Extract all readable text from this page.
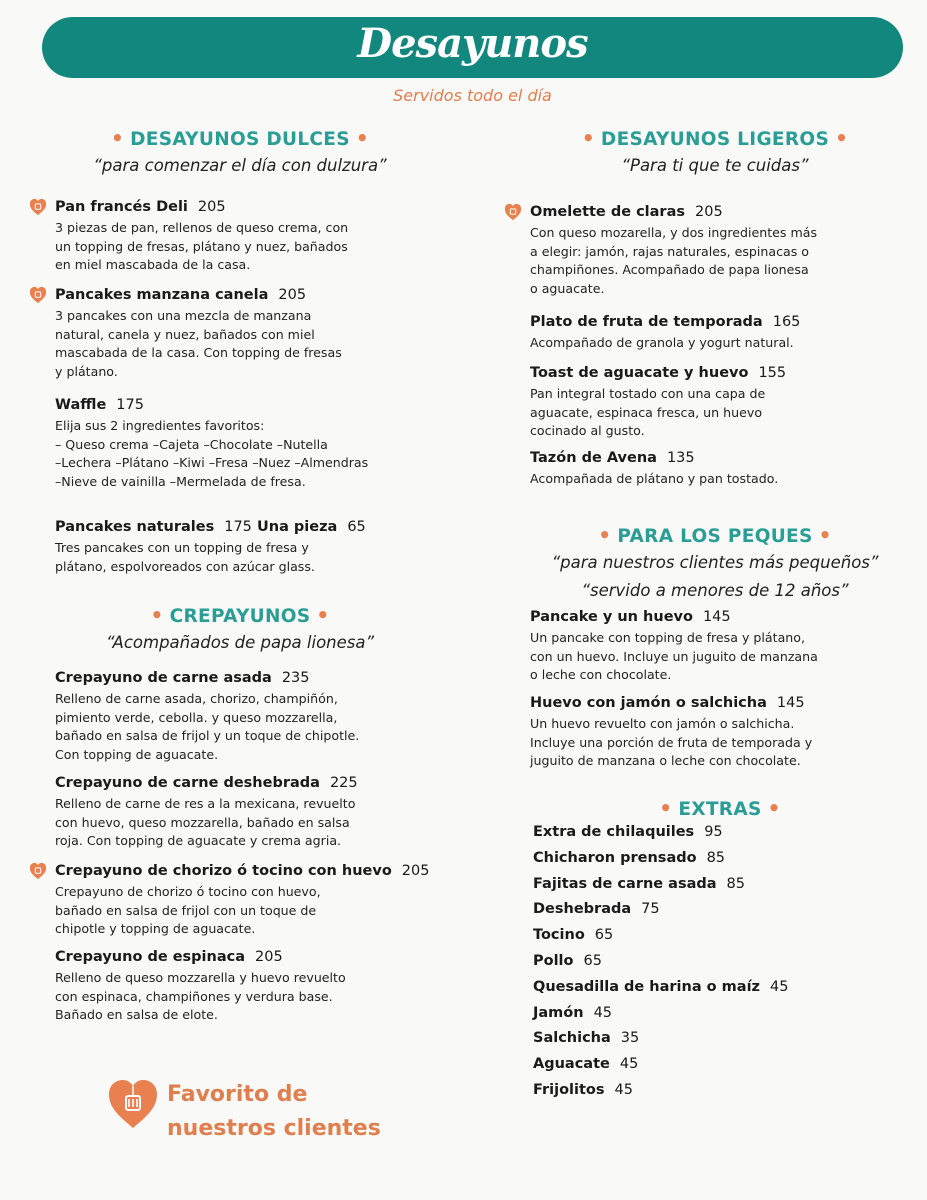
Desayunos
Servidos todo el día
• DESAYUNOS DULCES •
“para comenzar el día con dulzura”
Pan francés Deli 205
3 piezas de pan, rellenos de queso crema, con
un topping de fresas, plátano y nuez, bañados
en miel mascabada de la casa.
Pancakes manzana canela 205
3 pancakes con una mezcla de manzana
natural, canela y nuez, bañados con miel
mascabada de la casa. Con topping de fresas
y plátano.
Waffle 175
Elija sus 2 ingredientes favoritos:
– Queso crema –Cajeta –Chocolate –Nutella
–Lechera –Plátano –Kiwi –Fresa –Nuez –Almendras
–Nieve de vainilla –Mermelada de fresa.
Pancakes naturales 175 Una pieza 65
Tres pancakes con un topping de fresa y
plátano, espolvoreados con azúcar glass.
• CREPAYUNOS •
“Acompañados de papa lionesa”
Crepayuno de carne asada 235
Relleno de carne asada, chorizo, champiñón,
pimiento verde, cebolla. y queso mozzarella,
bañado en salsa de frijol y un toque de chipotle.
Con topping de aguacate.
Crepayuno de carne deshebrada 225
Relleno de carne de res a la mexicana, revuelto
con huevo, queso mozzarella, bañado en salsa
roja. Con topping de aguacate y crema agria.
Crepayuno de chorizo ó tocino con huevo 205
Crepayuno de chorizo ó tocino con huevo,
bañado en salsa de frijol con un toque de
chipotle y topping de aguacate.
Crepayuno de espinaca 205
Relleno de queso mozzarella y huevo revuelto
con espinaca, champiñones y verdura base.
Bañado en salsa de elote.
• DESAYUNOS LIGEROS •
“Para ti que te cuidas”
Omelette de claras 205
Con queso mozarella, y dos ingredientes más
a elegir: jamón, rajas naturales, espinacas o
champiñones. Acompañado de papa lionesa
o aguacate.
Plato de fruta de temporada 165
Acompañado de granola y yogurt natural.
Toast de aguacate y huevo 155
Pan integral tostado con una capa de
aguacate, espinaca fresca, un huevo
cocinado al gusto.
Tazón de Avena 135
Acompañada de plátano y pan tostado.
• PARA LOS PEQUES •
“para nuestros clientes más pequeños”
“servido a menores de 12 años”
Pancake y un huevo 145
Un pancake con topping de fresa y plátano,
con un huevo. Incluye un juguito de manzana
o leche con chocolate.
Huevo con jamón o salchicha 145
Un huevo revuelto con jamón o salchicha.
Incluye una porción de fruta de temporada y
juguito de manzana o leche con chocolate.
• EXTRAS •
Extra de chilaquiles 95
Chicharon prensado 85
Fajitas de carne asada 85
Deshebrada 75
Tocino 65
Pollo 65
Quesadilla de harina o maíz 45
Jamón 45
Salchicha 35
Aguacate 45
Frijolitos 45
Favorito de
nuestros clientes
